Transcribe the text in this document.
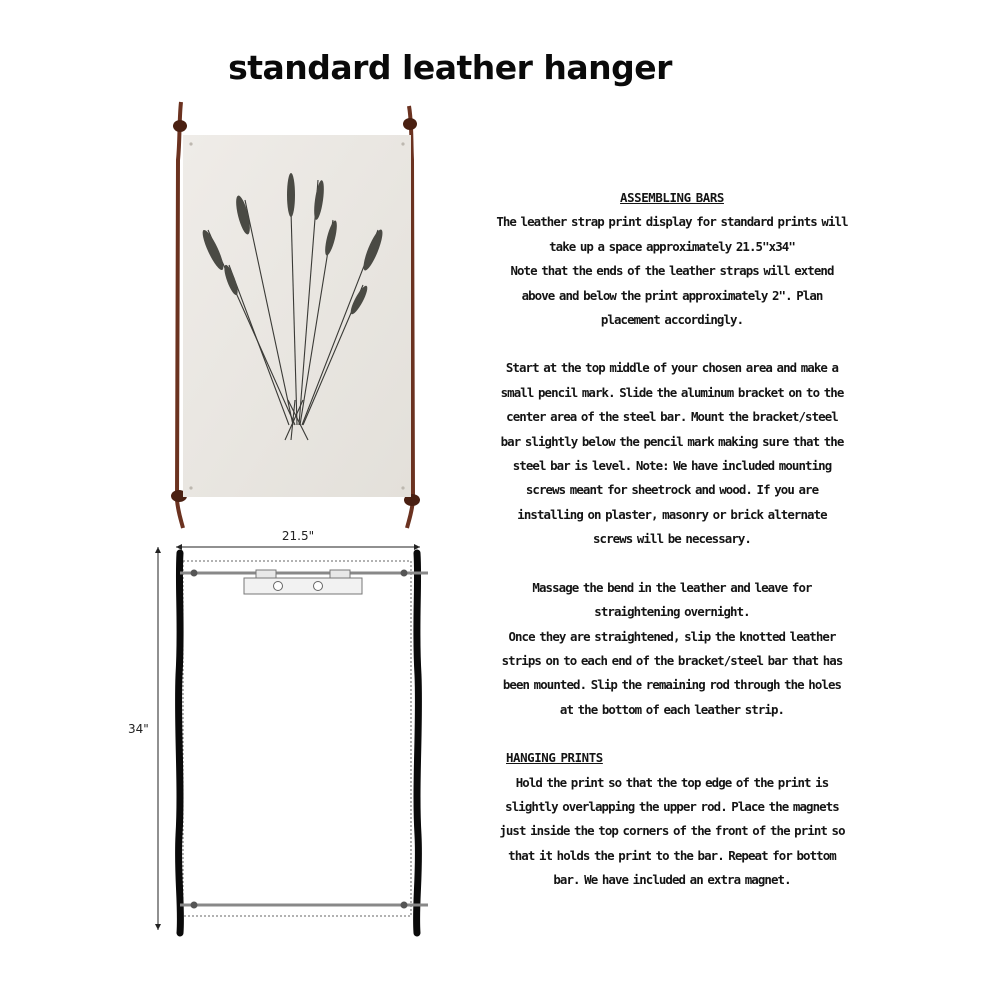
standard leather hanger
21.5"
34"

ASSEMBLING BARS

The leather strap print display for standard prints will take up a space approximately 21.5"x34"

Note that the ends of the leather straps will extend above and below the print approximately 2". Plan placement accordingly.

Start at the top middle of your chosen area and make a small pencil mark. Slide the aluminum bracket on to the center area of the steel bar. Mount the bracket/steel bar slightly below the pencil mark making sure that the steel bar is level. Note: We have included mounting screws meant for sheetrock and wood. If you are installing on plaster, masonry or brick alternate screws will be necessary.

Massage the bend in the leather and leave for straightening overnight.

Once they are straightened, slip the knotted leather strips on to each end of the bracket/steel bar that has been mounted. Slip the remaining rod through the holes at the bottom of each leather strip.

HANGING PRINTS

Hold the print so that the top edge of the print is slightly overlapping the upper rod. Place the magnets just inside the top corners of the front of the print so that it holds the print to the bar. Repeat for bottom bar. We have included an extra magnet.
